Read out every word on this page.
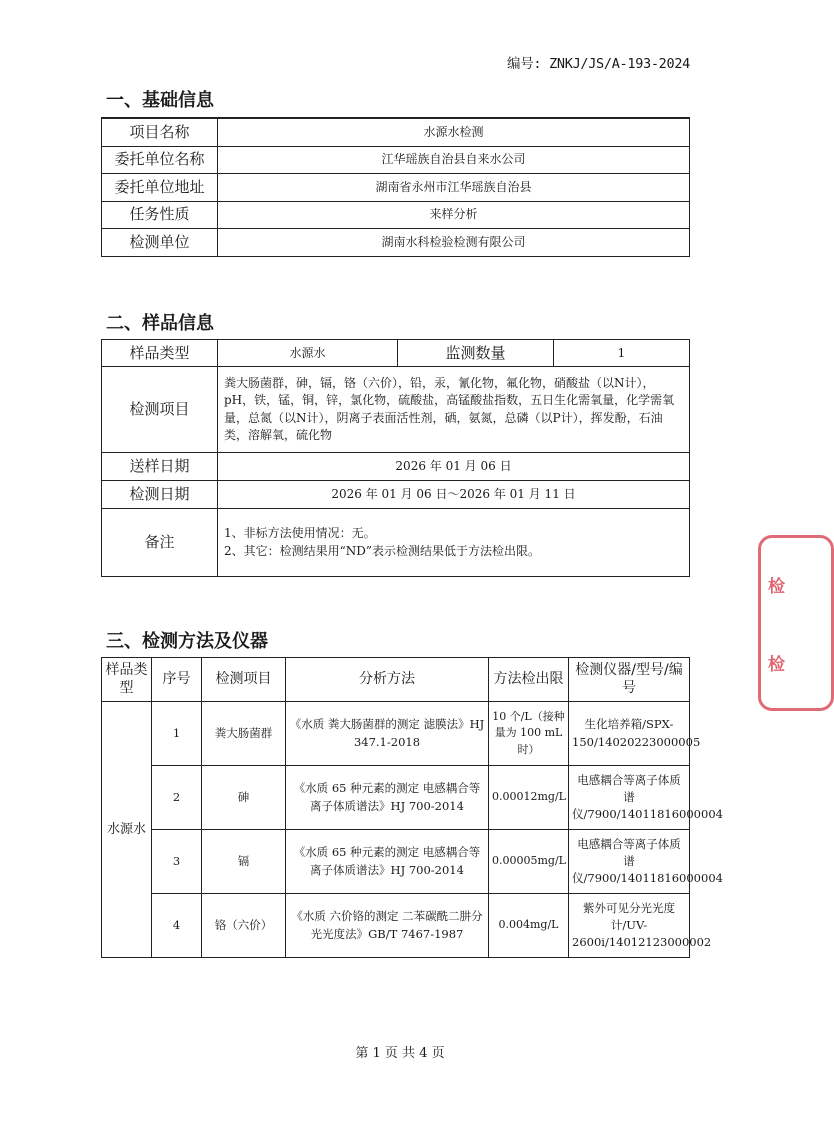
编号: ZNKJ/JS/A-193-2024
一、基础信息
项目名称	水源水检测
委托单位名称	江华瑶族自治县自来水公司
委托单位地址	湖南省永州市江华瑶族自治县
任务性质	来样分析
检测单位	湖南水科检验检测有限公司
二、样品信息
样品类型	水源水	监测数量	1
检测项目	粪大肠菌群，砷，镉，铬（六价），铅，汞，氰化物，氟化物，硝酸盐（以N计），pH，铁，锰，铜，锌，氯化物，硫酸盐，高锰酸盐指数，五日生化需氧量，化学需氧量，总氮（以N计），阴离子表面活性剂，硒，氨氮，总磷（以P计），挥发酚，石油类，溶解氧，硫化物		
送样日期	2026 年 01 月 06 日		
检测日期	2026 年 01 月 06 日～2026 年 01 月 11 日		
备注	1、非标方法使用情况：无。
2、其它：检测结果用“ND”表示检测结果低于方法检出限。		
三、检测方法及仪器
样品类型	序号	检测项目	分析方法	方法检出限	检测仪器/型号/编号
水源水	1	粪大肠菌群	《水质 粪大肠菌群的测定 滤膜法》HJ 347.1-2018	10 个/L（接种量为 100 mL 时）	生化培养箱/SPX-150/14020223000005
	2	砷	《水质 65 种元素的测定 电感耦合等离子体质谱法》HJ 700-2014	0.00012mg/L	电感耦合等离子体质谱仪/7900/14011816000004
	3	镉	《水质 65 种元素的测定 电感耦合等离子体质谱法》HJ 700-2014	0.00005mg/L	电感耦合等离子体质谱仪/7900/14011816000004
	4	铬（六价）	《水质 六价铬的测定 二苯碳酰二肼分光光度法》GB/T 7467-1987	0.004mg/L	紫外可见分光光度计/UV-2600i/14012123000002
第 1 页 共 4 页
检
检
